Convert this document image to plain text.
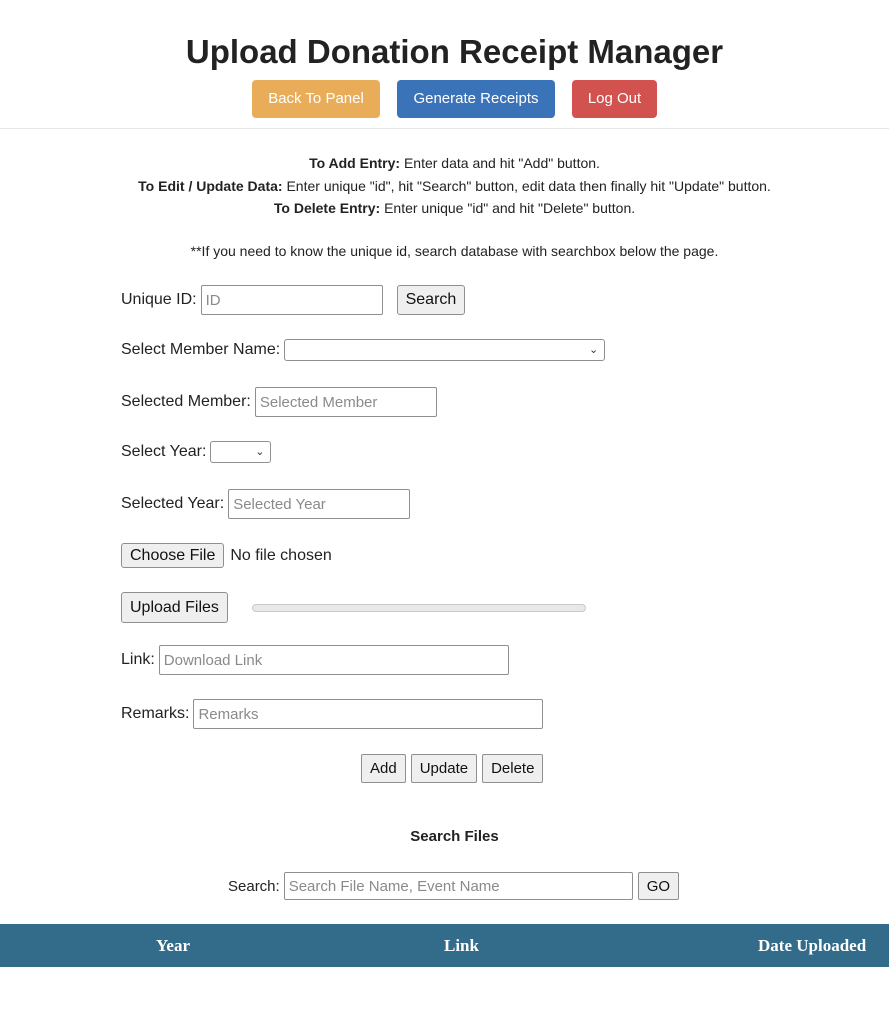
Upload Donation Receipt Manager
Back To Panel	Generate Receipts	Log Out
To Add Entry: Enter data and hit "Add" button.
To Edit / Update Data: Enter unique "id", hit "Search" button, edit data then finally hit "Update" button.
To Delete Entry: Enter unique "id" and hit "Delete" button.
**If you need to know the unique id, search database with searchbox below the page.
Unique ID:
ID	Search
Select Member Name:	⌄
Selected Member:
Selected Member
Select Year:	⌄
Selected Year:
Selected Year
Choose File No file chosen
Upload Files
Link:
Download Link
Remarks:
Remarks
Add	Update	Delete
Search Files
Search:
Search File Name, Event Name	GO
Year	Link	Date Uploaded
